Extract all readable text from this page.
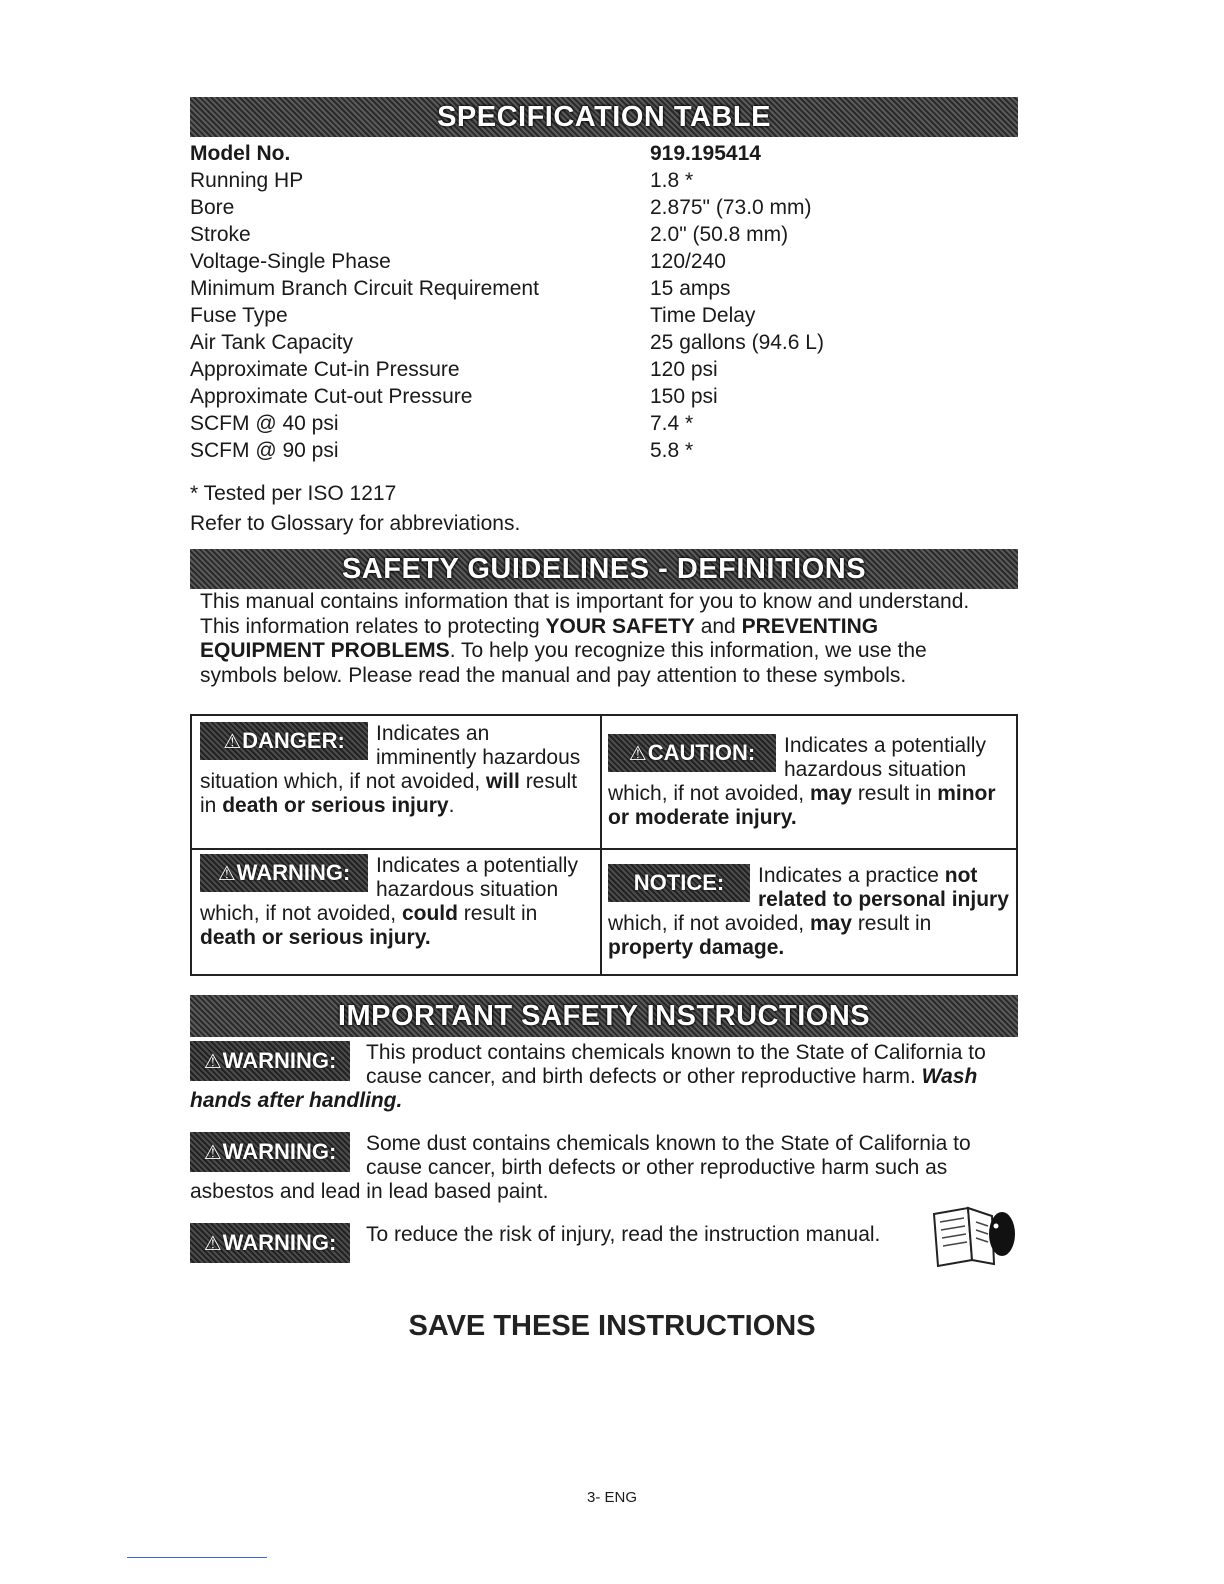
SPECIFICATION TABLE
Model No.	919.195414
Running HP	1.8 *
Bore	2.875" (73.0 mm)
Stroke	2.0" (50.8 mm)
Voltage-Single Phase	120/240
Minimum Branch Circuit Requirement	15 amps
Fuse Type	Time Delay
Air Tank Capacity	25 gallons (94.6 L)
Approximate Cut-in Pressure	120 psi
Approximate Cut-out Pressure	150 psi
SCFM @ 40 psi	7.4 *
SCFM @ 90 psi	5.8 *
* Tested per ISO 1217
Refer to Glossary for abbreviations.
SAFETY GUIDELINES - DEFINITIONS
This manual contains information that is important for you to know and understand. This information relates to protecting YOUR SAFETY and PREVENTING EQUIPMENT PROBLEMS. To help you recognize this information, we use the symbols below. Please read the manual and pay attention to these symbols.
⚠DANGER:	Indicates an imminently hazardous situation which, if not avoided, will result in death or serious injury.
⚠CAUTION:	Indicates a potentially hazardous situation which, if not avoided, may result in minor or moderate injury.
⚠WARNING:	Indicates a potentially hazardous situation which, if not avoided, could result in death or serious injury.
NOTICE:	Indicates a practice not related to personal injury which, if not avoided, may result in property damage.
IMPORTANT SAFETY INSTRUCTIONS
⚠WARNING:	This product contains chemicals known to the State of California to cause cancer, and birth defects or other reproductive harm. Wash hands after handling.
⚠WARNING:	Some dust contains chemicals known to the State of California to cause cancer, birth defects or other reproductive harm such as asbestos and lead in lead based paint.
⚠WARNING:	To reduce the risk of injury, read the instruction manual.
SAVE THESE INSTRUCTIONS
3- ENG
